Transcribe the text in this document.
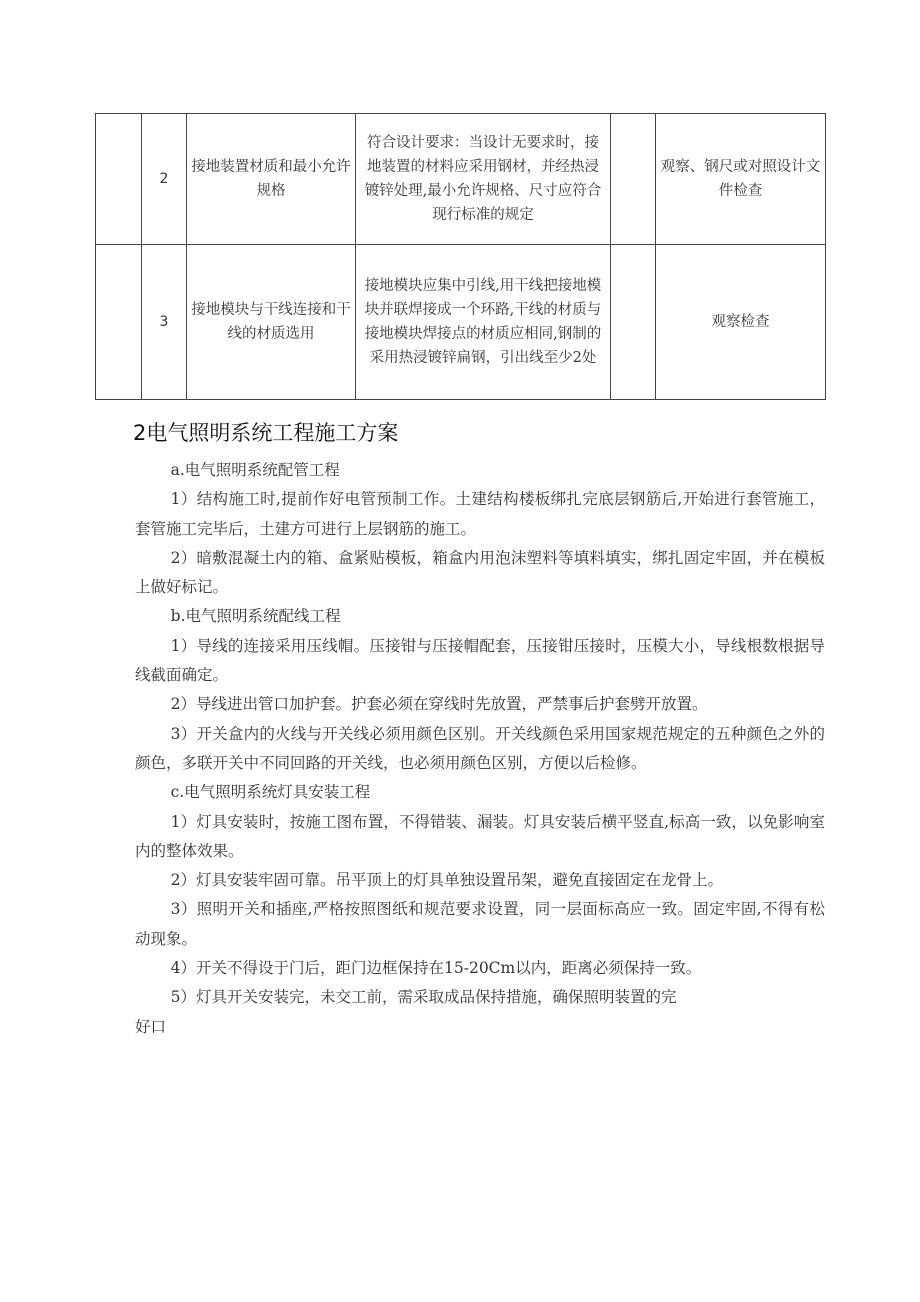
	2	接地装置材质和最小允许规格	符合设计要求：当设计无要求时，接地装置的材料应采用钢材，并经热浸镀锌处理,最小允许规格、尺寸应符合现行标准的规定		观察、钢尺或对照设计文件检查
	3	接地模块与干线连接和干线的材质选用	接地模块应集中引线,用干线把接地模块并联焊接成一个环路,干线的材质与接地模块焊接点的材质应相同,钢制的采用热浸镀锌扁钢，引出线至少2处		观察检查
2电气照明系统工程施工方案

a.电气照明系统配管工程

1）结构施工时,提前作好电管预制工作。土建结构楼板绑扎完底层钢筋后,开始进行套管施工，套管施工完毕后，土建方可进行上层钢筋的施工。

2）暗敷混凝土内的箱、盒紧贴模板，箱盒内用泡沫塑料等填料填实，绑扎固定牢固，并在模板上做好标记。

b.电气照明系统配线工程

1）导线的连接采用压线帽。压接钳与压接帽配套，压接钳压接时，压模大小，导线根数根据导线截面确定。

2）导线进出管口加护套。护套必须在穿线时先放置，严禁事后护套劈开放置。

3）开关盒内的火线与开关线必须用颜色区别。开关线颜色采用国家规范规定的五种颜色之外的颜色，多联开关中不同回路的开关线，也必须用颜色区别，方便以后检修。

c.电气照明系统灯具安装工程

1）灯具安装时，按施工图布置，不得错装、漏装。灯具安装后横平竖直,标高一致，以免影响室内的整体效果。

2）灯具安装牢固可靠。吊平顶上的灯具单独设置吊架，避免直接固定在龙骨上。

3）照明开关和插座,严格按照图纸和规范要求设置，同一层面标高应一致。固定牢固,不得有松动现象。

4）开关不得设于门后，距门边框保持在15-20Cm以内，距离必须保持一致。

5）灯具开关安装完，未交工前，需采取成品保持措施，确保照明装置的完

好口
